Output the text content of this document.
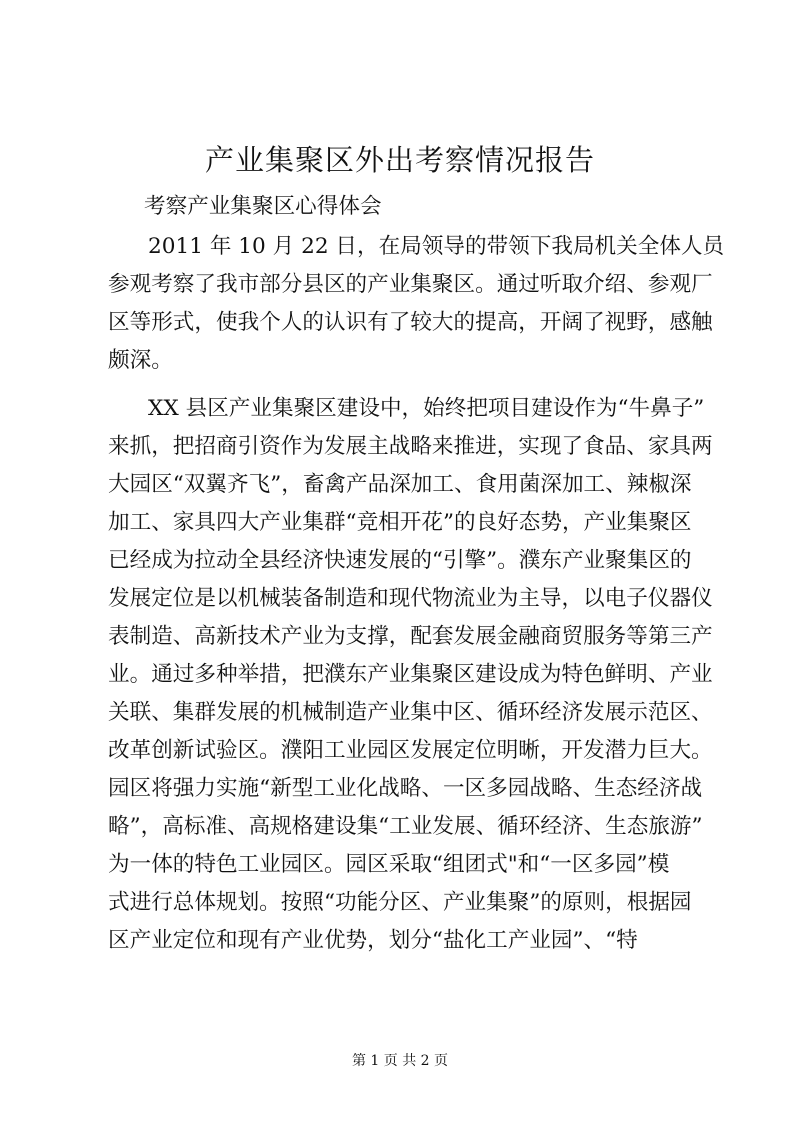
产业集聚区外出考察情况报告
考察产业集聚区心得体会
2011 年 10 月 22 日，在局领导的带领下我局机关全体人员
参观考察了我市部分县区的产业集聚区。通过听取介绍、参观厂
区等形式，使我个人的认识有了较大的提高，开阔了视野，感触
颇深。
XX 县区产业集聚区建设中，始终把项目建设作为“牛鼻子”
来抓，把招商引资作为发展主战略来推进，实现了食品、家具两
大园区“双翼齐飞”，畜禽产品深加工、食用菌深加工、辣椒深
加工、家具四大产业集群“竞相开花”的良好态势，产业集聚区
已经成为拉动全县经济快速发展的“引擎”。濮东产业聚集区的
发展定位是以机械装备制造和现代物流业为主导，以电子仪器仪
表制造、高新技术产业为支撑，配套发展金融商贸服务等第三产
业。通过多种举措，把濮东产业集聚区建设成为特色鲜明、产业
关联、集群发展的机械制造产业集中区、循环经济发展示范区、
改革创新试验区。濮阳工业园区发展定位明晰，开发潜力巨大。
园区将强力实施“新型工业化战略、一区多园战略、生态经济战
略”，高标准、高规格建设集“工业发展、循环经济、生态旅游”
为一体的特色工业园区。园区采取“组团式"和“一区多园”模
式进行总体规划。按照“功能分区、产业集聚”的原则，根据园
区产业定位和现有产业优势，划分“盐化工产业园”、“特
第 1 页 共 2 页
